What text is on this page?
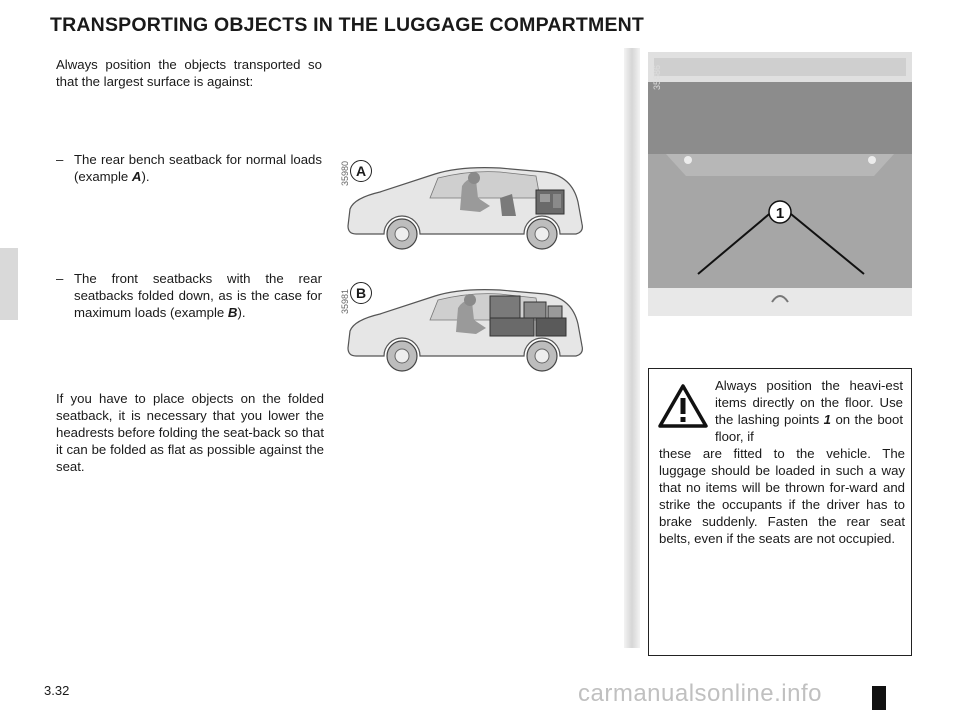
TRANSPORTING OBJECTS IN THE LUGGAGE COMPARTMENT
Always position the objects transported so that the largest surface is against:
– The rear bench seatback for normal loads (example A).
– The front seatbacks with the rear seatbacks folded down, as is the case for maximum loads (example B).
If you have to place objects on the folded seatback, it is necessary that you lower the headrests before folding the seat-back so that it can be folded as flat as possible against the seat.
35980 A
35981 B
1
35886
Always position the heavi-est items directly on the floor. Use the lashing points 1 on the boot floor, if
these are fitted to the vehicle. The luggage should be loaded in such a way that no items will be thrown for-ward and strike the occupants if the driver has to brake suddenly. Fasten the rear seat belts, even if the seats are not occupied.
3.32	carmanualsonline.info
